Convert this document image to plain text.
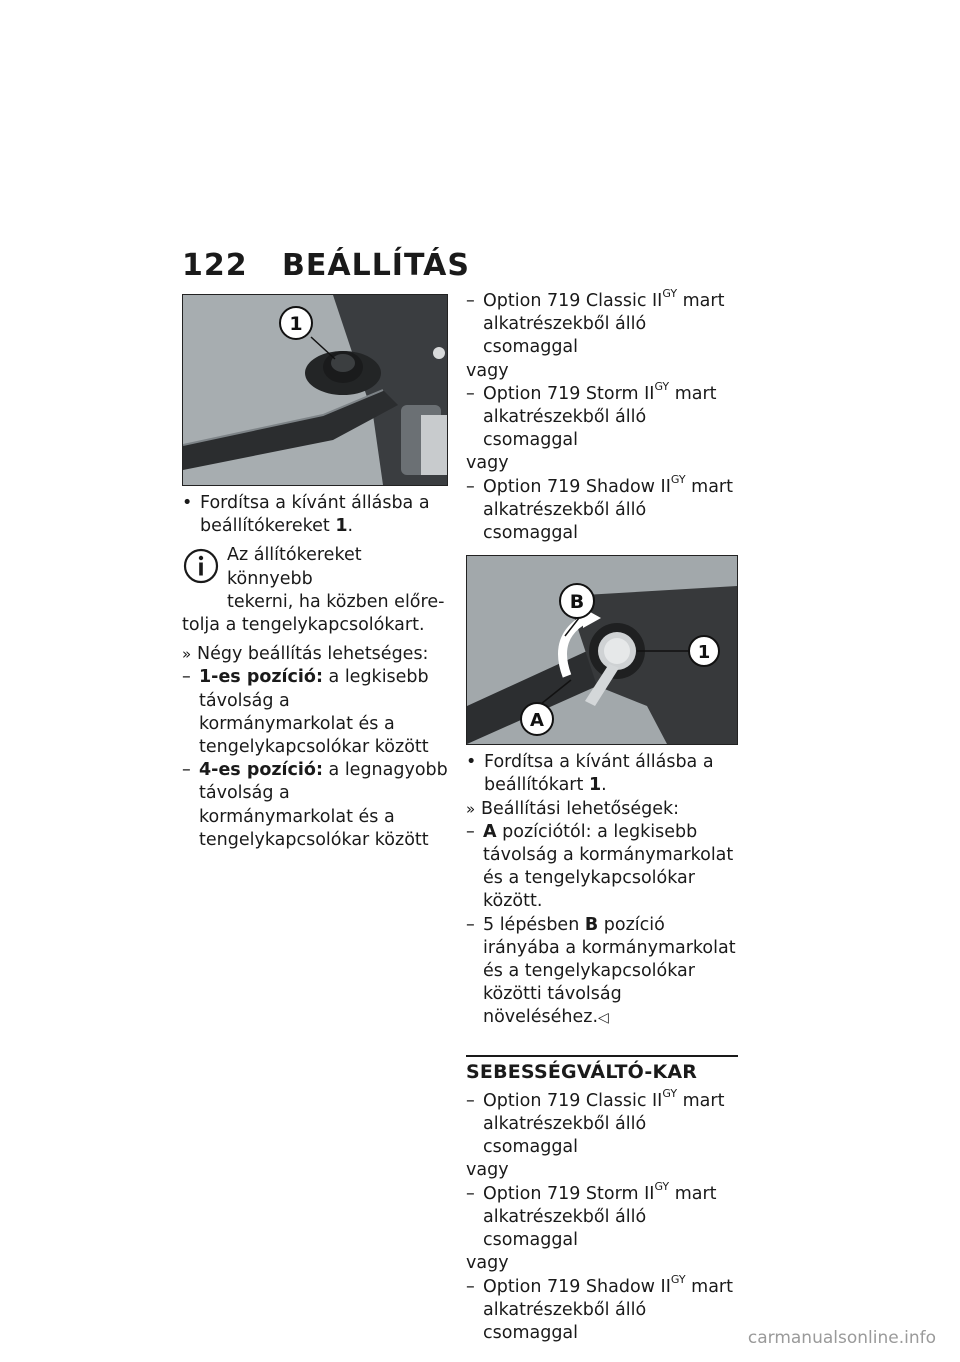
122 BEÁLLÍTÁS
1
• Fordítsa a kívánt állásba a beállítókereket 1.
Az állítókereket könnyebb
tekerni, ha közben előre-
tolja a tengelykapcsolókart.
» Négy beállítás lehetséges:
– 1-es pozíció: a legkisebb távolság a kormánymarkolat és a tengelykapcsolókar között
– 4-es pozíció: a legnagyobb távolság a kormánymarkolat és a tengelykapcsolókar között
– Option 719 Classic $II^{GY}$ mart
alkatrészekből álló csomaggal
vagy
– Option 719 Storm $II^{GY}$ mart
alkatrészekből álló csomaggal
vagy
– Option 719 Shadow $II^{GY}$ mart
alkatrészekből álló csomaggal
B
A
1
• Fordítsa a kívánt állásba a beállítókart 1.
» Beállítási lehetőségek:
– A pozíciótól: a legkisebb távolság a kormánymarkolat és a tengelykapcsolókar között.
– 5 lépésben B pozíció irányába a kormánymarkolat és a tengelykapcsolókar közötti távolság növeléséhez.◁
SEBESSÉGVÁLTÓ-KAR
– Option 719 Classic $II^{GY}$ mart
alkatrészekből álló csomaggal
vagy
– Option 719 Storm $II^{GY}$ mart
alkatrészekből álló csomaggal
vagy
– Option 719 Shadow $II^{GY}$ mart
alkatrészekből álló csomaggal	carmanualsonline.info
